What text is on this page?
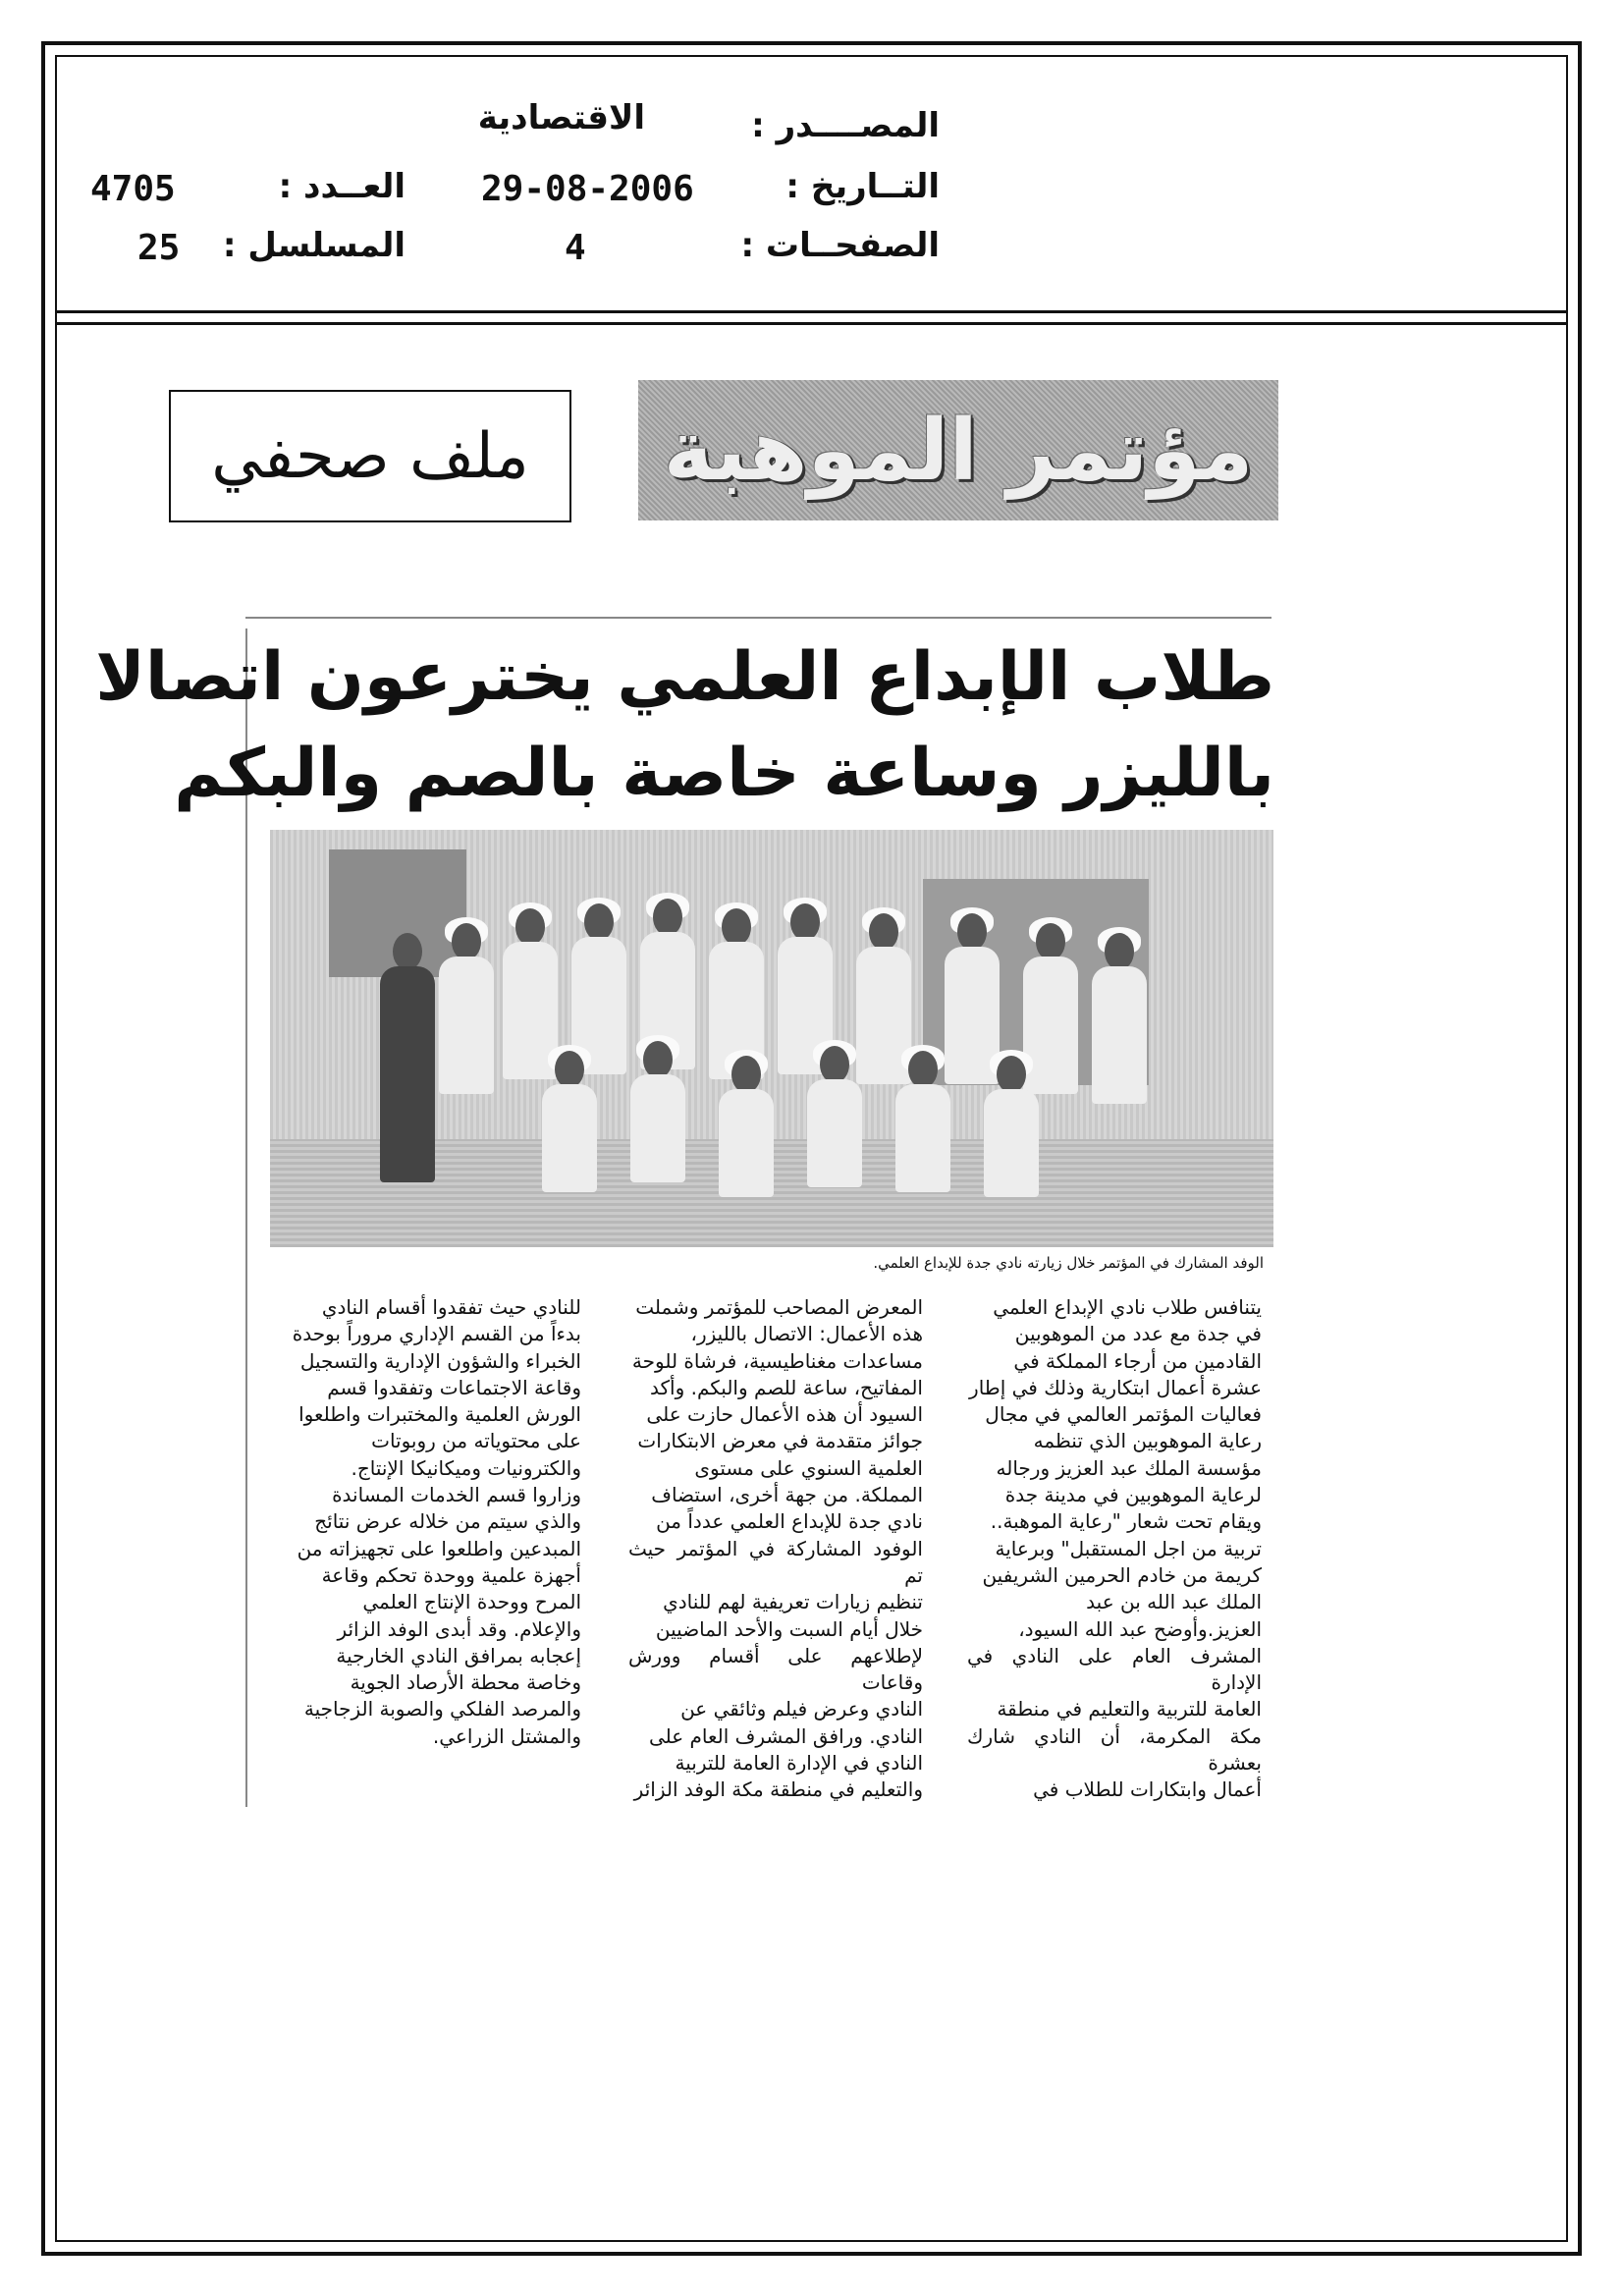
المصــــدر :
الاقتصادية
التــاريخ :
29-08-2006
العــدد :
4705
الصفحــات :
4
المسلسل :
25
مؤتمر الموهبة
ملف صحفي
طلاب الإبداع العلمي يخترعون اتصالا
بالليزر وساعة خاصة بالصم والبكم
الوفد المشارك في المؤتمر خلال زيارته نادي جدة للإبداع العلمي.
يتنافس طلاب نادي الإبداع العلمي
في جدة مع عدد من الموهوبين
القادمين من أرجاء المملكة في
عشرة أعمال ابتكارية وذلك في إطار
فعاليات المؤتمر العالمي في مجال
رعاية الموهوبين الذي تنظمه
مؤسسة الملك عبد العزيز ورجاله
لرعاية الموهوبين في مدينة جدة
ويقام تحت شعار "رعاية الموهبة..
تربية من اجل المستقبل" وبرعاية
كريمة من خادم الحرمين الشريفين
الملك عبد الله بن عبد
العزيز.وأوضح عبد الله السيود،
المشرف العام على النادي في الإدارة
العامة للتربية والتعليم في منطقة
مكة المكرمة، أن النادي شارك بعشرة
أعمال وابتكارات للطلاب في
المعرض المصاحب للمؤتمر وشملت
هذه الأعمال: الاتصال بالليزر،
مساعدات مغناطيسية، فرشاة للوحة
المفاتيح، ساعة للصم والبكم. وأكد
السيود أن هذه الأعمال حازت على
جوائز متقدمة في معرض الابتكارات
العلمية السنوي على مستوى
المملكة. من جهة أخرى، استضاف
نادي جدة للإبداع العلمي عدداً من
الوفود المشاركة في المؤتمر حيث تم
تنظيم زيارات تعريفية لهم للنادي
خلال أيام السبت والأحد الماضيين
لإطلاعهم على أقسام وورش وقاعات
النادي وعرض فيلم وثائقي عن
النادي. ورافق المشرف العام على
النادي في الإدارة العامة للتربية
والتعليم في منطقة مكة الوفد الزائر
للنادي حيث تفقدوا أقسام النادي
بدءاً من القسم الإداري مروراً بوحدة
الخبراء والشؤون الإدارية والتسجيل
وقاعة الاجتماعات وتفقدوا قسم
الورش العلمية والمختبرات واطلعوا
على محتوياته من روبوتات
والكترونيات وميكانيكا الإنتاج.
وزاروا قسم الخدمات المساندة
والذي سيتم من خلاله عرض نتائج
المبدعين واطلعوا على تجهيزاته من
أجهزة علمية ووحدة تحكم وقاعة
المرح ووحدة الإنتاج العلمي
والإعلام. وقد أبدى الوفد الزائر
إعجابه بمرافق النادي الخارجية
وخاصة محطة الأرصاد الجوية
والمرصد الفلكي والصوبة الزجاجية
والمشتل الزراعي.
